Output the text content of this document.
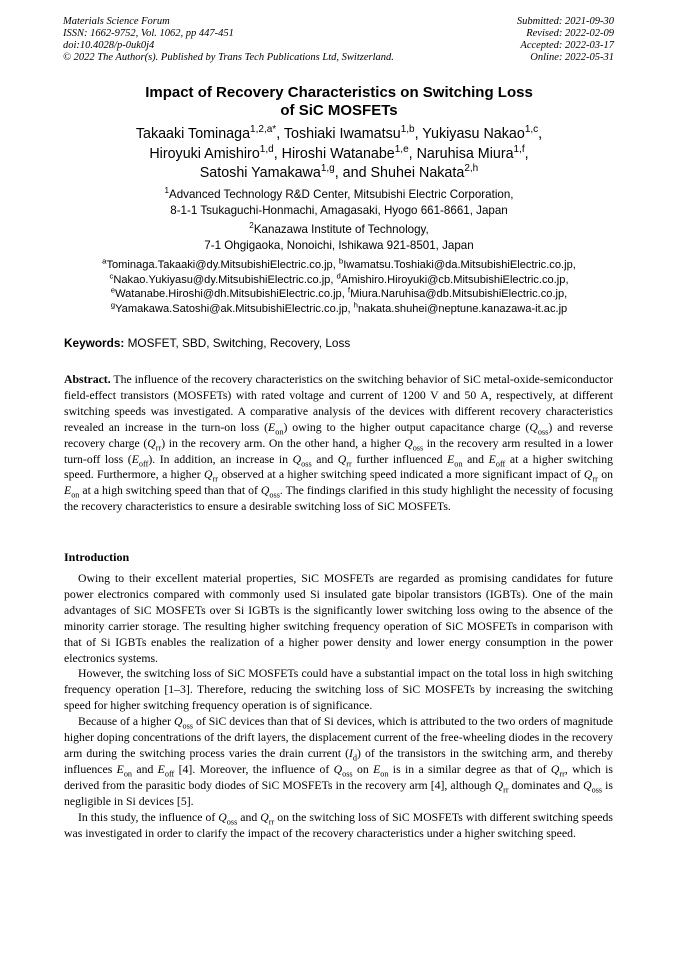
Materials Science Forum
ISSN: 1662-9752, Vol. 1062, pp 447-451
doi:10.4028/p-0uk0j4
© 2022 The Author(s). Published by Trans Tech Publications Ltd, Switzerland.
Submitted: 2021-09-30
Revised: 2022-02-09
Accepted: 2022-03-17
Online: 2022-05-31
Impact of Recovery Characteristics on Switching Loss
of SiC MOSFETs
Takaaki Tominaga$^{1,2,a*}$, Toshiaki Iwamatsu$^{1,b}$, Yukiyasu Nakao$^{1,c}$,
Hiroyuki Amishiro$^{1,d}$, Hiroshi Watanabe$^{1,e}$, Naruhisa Miura$^{1,f}$,
Satoshi Yamakawa$^{1,g}$, and Shuhei Nakata$^{2,h}$
$^1$Advanced Technology R&D Center, Mitsubishi Electric Corporation,
8-1-1 Tsukaguchi-Honmachi, Amagasaki, Hyogo 661-8661, Japan
$^2$Kanazawa Institute of Technology,
7-1 Ohgigaoka, Nonoichi, Ishikawa 921-8501, Japan
$^a$Tominaga.Takaaki@dy.MitsubishiElectric.co.jp, $^b$Iwamatsu.Toshiaki@da.MitsubishiElectric.co.jp,
$^c$Nakao.Yukiyasu@dy.MitsubishiElectric.co.jp, $^d$Amishiro.Hiroyuki@cb.MitsubishiElectric.co.jp,
$^e$Watanabe.Hiroshi@dh.MitsubishiElectric.co.jp, $^f$Miura.Naruhisa@db.MitsubishiElectric.co.jp,
$^g$Yamakawa.Satoshi@ak.MitsubishiElectric.co.jp, $^h$nakata.shuhei@neptune.kanazawa-it.ac.jp
Keywords: MOSFET, SBD, Switching, Recovery, Loss
Abstract. The influence of the recovery characteristics on the switching behavior of SiC metal-oxide-semiconductor field-effect transistors (MOSFETs) with rated voltage and current of 1200 V and 50 A, respectively, at different switching speeds was investigated. A comparative analysis of the devices with different recovery characteristics revealed an increase in the turn-on loss $(E_{on})$ owing to the higher output capacitance charge $(Q_{oss})$ and reverse recovery charge $(Q_{rr})$ in the recovery arm. On the other hand, a higher $Q_{oss}$ in the recovery arm resulted in a lower turn-off loss $(E_{off})$. In addition, an increase in $Q_{oss}$ and $Q_{rr}$ further influenced $E_{on}$ and $E_{off}$ at a higher switching speed. Furthermore, a higher $Q_{rr}$ observed at a higher switching speed indicated a more significant impact of $Q_{rr}$ on $E_{on}$ at a high switching speed than that of $Q_{oss}$. The findings clarified in this study highlight the necessity of focusing the recovery characteristics to ensure a desirable switching loss of SiC MOSFETs.
Introduction

Owing to their excellent material properties, SiC MOSFETs are regarded as promising candidates for future power electronics compared with commonly used Si insulated gate bipolar transistors (IGBTs). One of the main advantages of SiC MOSFETs over Si IGBTs is the significantly lower switching loss owing to the absence of the minority carrier storage. The resulting higher switching frequency operation of SiC MOSFETs in comparison with that of Si IGBTs enables the realization of a higher power density and lower energy consumption in the power electronics systems.

However, the switching loss of SiC MOSFETs could have a substantial impact on the total loss in high switching frequency operation [1–3]. Therefore, reducing the switching loss of SiC MOSFETs by increasing the switching speed for higher switching frequency operation is of significance.

Because of a higher $Q_{oss}$ of SiC devices than that of Si devices, which is attributed to the two orders of magnitude higher doping concentrations of the drift layers, the displacement current of the free-wheeling diodes in the recovery arm during the switching process varies the drain current $(I_d)$ of the transistors in the switching arm, and thereby influences $E_{on}$ and $E_{off}$ [4]. Moreover, the influence of $Q_{oss}$ on $E_{on}$ is in a similar degree as that of $Q_{rr}$, which is derived from the parasitic body diodes of SiC MOSFETs in the recovery arm [4], although $Q_{rr}$ dominates and $Q_{oss}$ is negligible in Si devices [5].

In this study, the influence of $Q_{oss}$ and $Q_{rr}$ on the switching loss of SiC MOSFETs with different switching speeds was investigated in order to clarify the impact of the recovery characteristics under a higher switching speed.
